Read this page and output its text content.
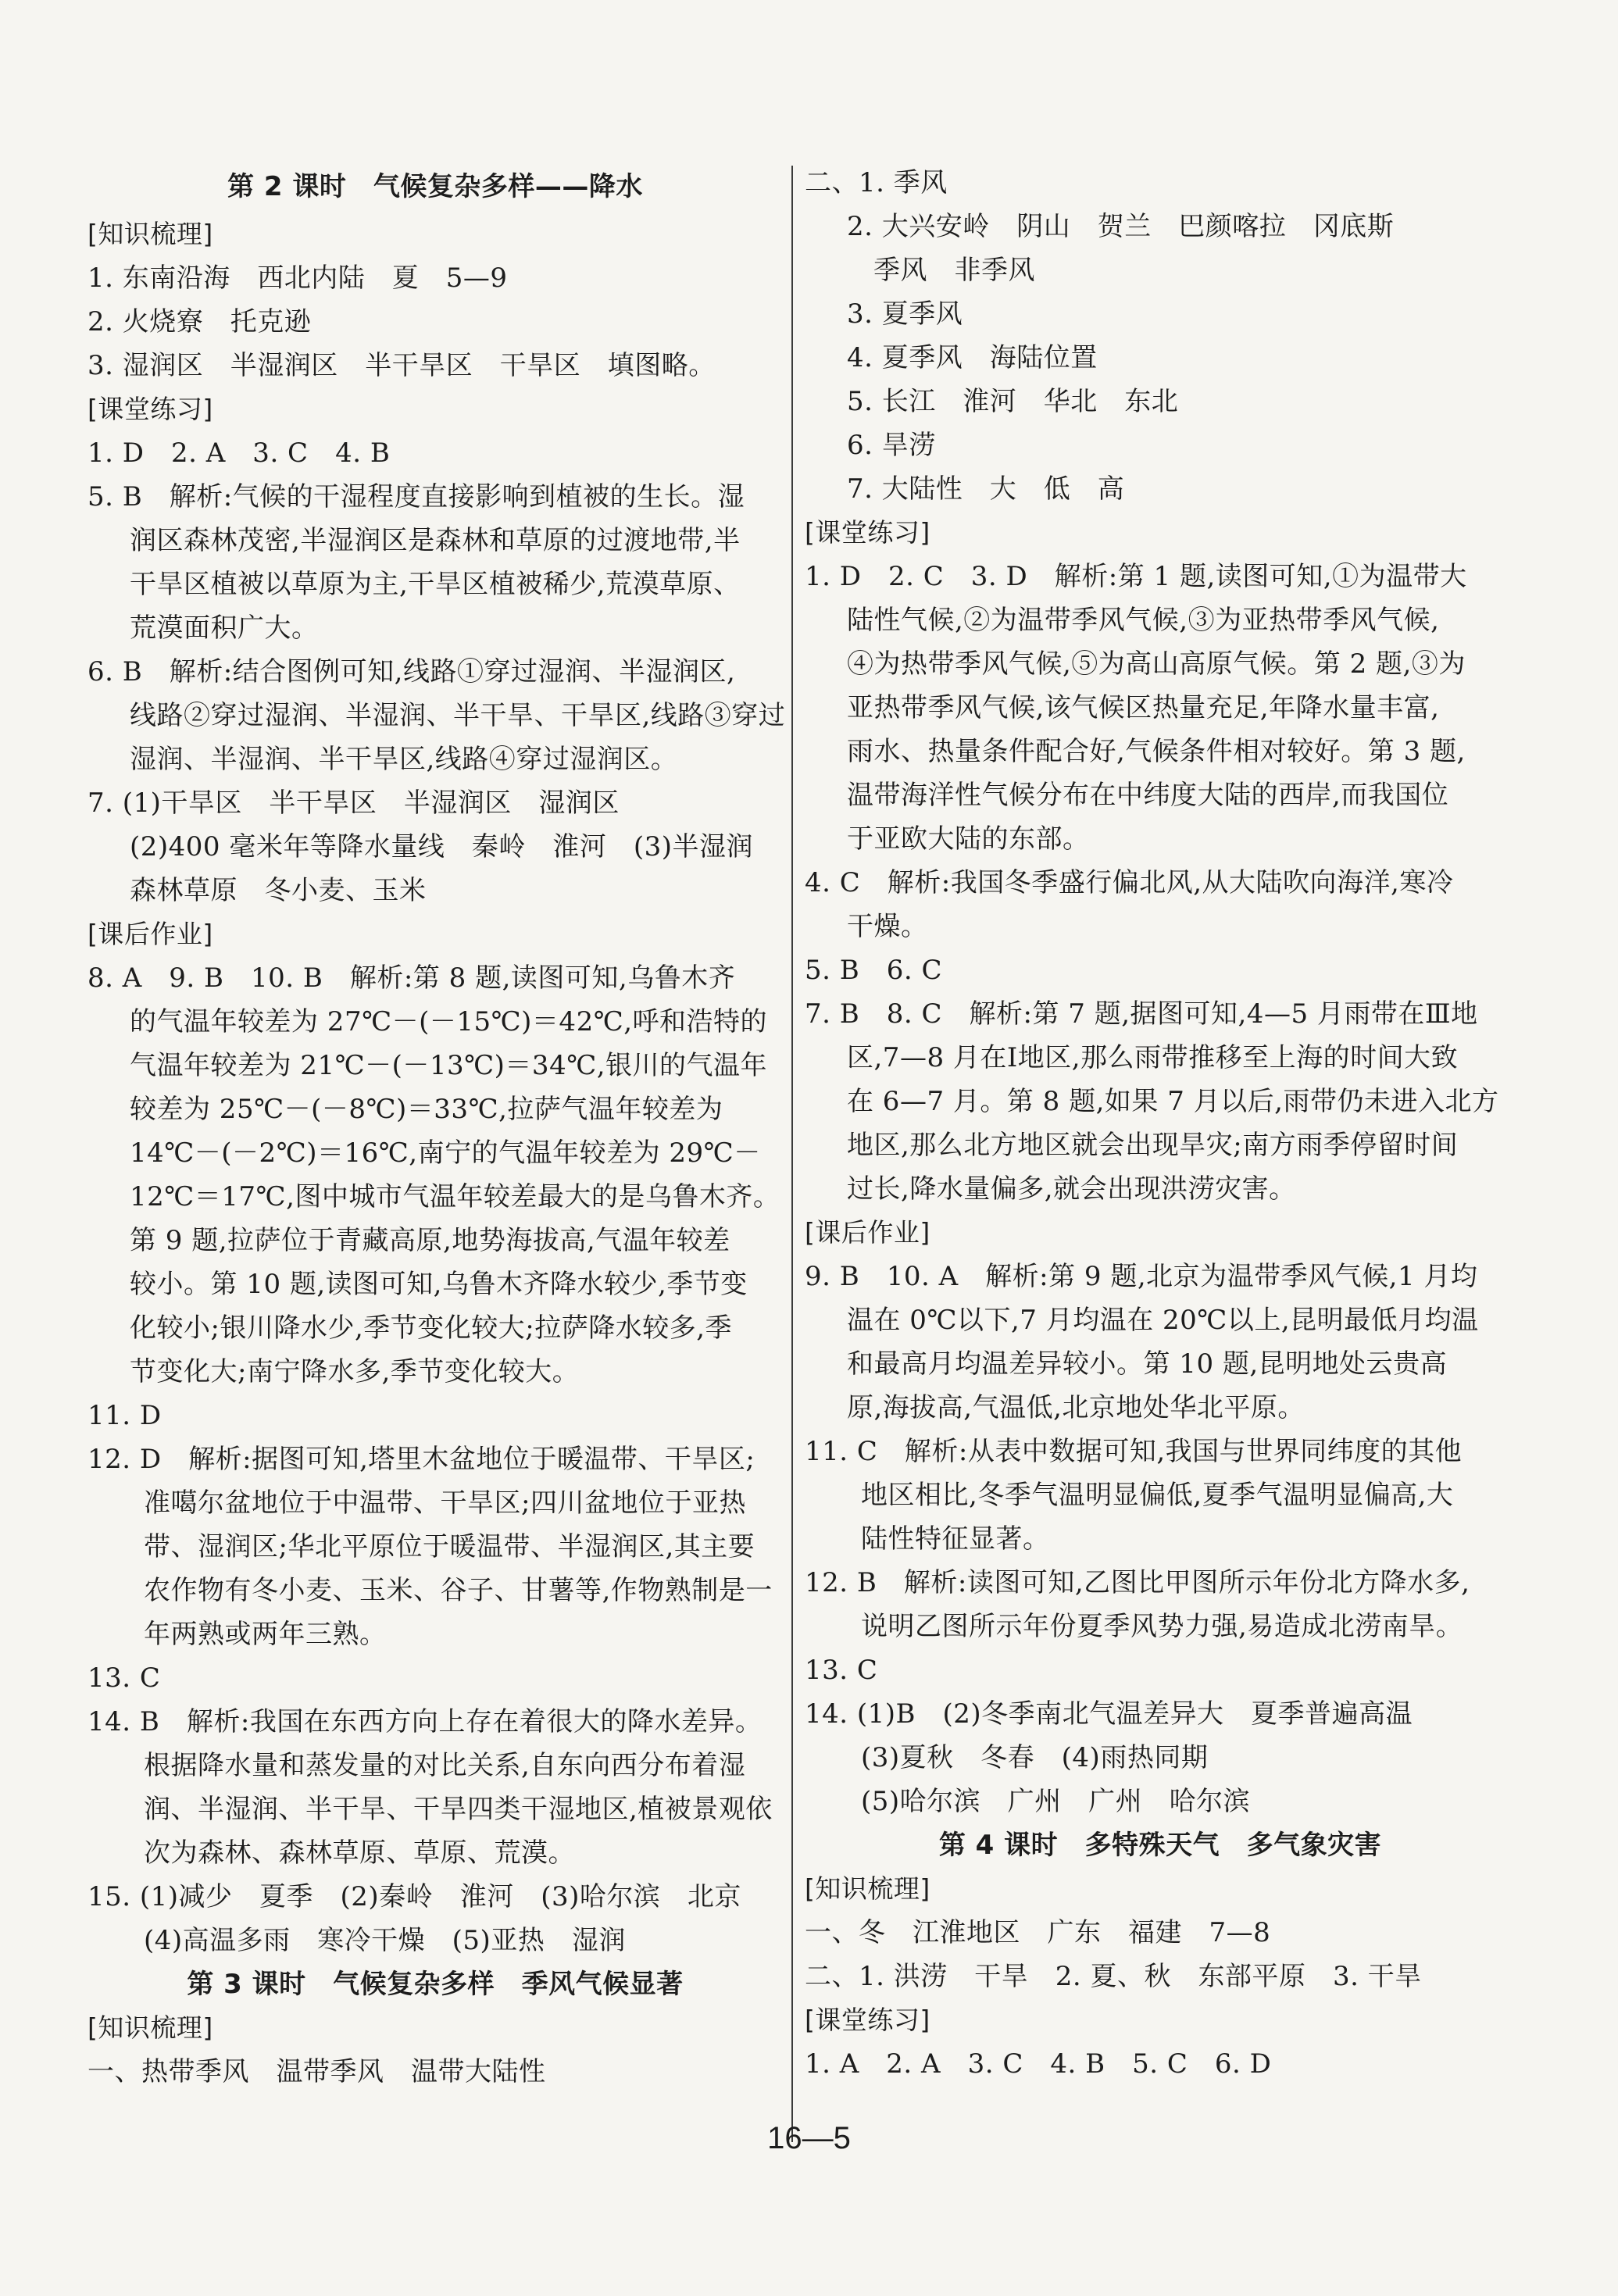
第 2 课时　气候复杂多样——降水
[知识梳理]
1. 东南沿海　西北内陆　夏　5—9
2. 火烧寮　托克逊
3. 湿润区　半湿润区　半干旱区　干旱区　填图略。
[课堂练习]
1. D　2. A　3. C　4. B
5. B　解析:气候的干湿程度直接影响到植被的生长。湿
润区森林茂密,半湿润区是森林和草原的过渡地带,半
干旱区植被以草原为主,干旱区植被稀少,荒漠草原、
荒漠面积广大。
6. B　解析:结合图例可知,线路①穿过湿润、半湿润区,
线路②穿过湿润、半湿润、半干旱、干旱区,线路③穿过
湿润、半湿润、半干旱区,线路④穿过湿润区。
7. (1)干旱区　半干旱区　半湿润区　湿润区
(2)400 毫米年等降水量线　秦岭　淮河　(3)半湿润
森林草原　冬小麦、玉米
[课后作业]
8. A　9. B　10. B　解析:第 8 题,读图可知,乌鲁木齐
的气温年较差为 27℃－(－15℃)＝42℃,呼和浩特的
气温年较差为 21℃－(－13℃)＝34℃,银川的气温年
较差为 25℃－(－8℃)＝33℃,拉萨气温年较差为
14℃－(－2℃)＝16℃,南宁的气温年较差为 29℃－
12℃＝17℃,图中城市气温年较差最大的是乌鲁木齐。
第 9 题,拉萨位于青藏高原,地势海拔高,气温年较差
较小。第 10 题,读图可知,乌鲁木齐降水较少,季节变
化较小;银川降水少,季节变化较大;拉萨降水较多,季
节变化大;南宁降水多,季节变化较大。
11. D
12. D　解析:据图可知,塔里木盆地位于暖温带、干旱区;
准噶尔盆地位于中温带、干旱区;四川盆地位于亚热
带、湿润区;华北平原位于暖温带、半湿润区,其主要
农作物有冬小麦、玉米、谷子、甘薯等,作物熟制是一
年两熟或两年三熟。
13. C
14. B　解析:我国在东西方向上存在着很大的降水差异。
根据降水量和蒸发量的对比关系,自东向西分布着湿
润、半湿润、半干旱、干旱四类干湿地区,植被景观依
次为森林、森林草原、草原、荒漠。
15. (1)减少　夏季　(2)秦岭　淮河　(3)哈尔滨　北京
(4)高温多雨　寒冷干燥　(5)亚热　湿润
第 3 课时　气候复杂多样　季风气候显著
[知识梳理]
一、热带季风　温带季风　温带大陆性
二、1. 季风
2. 大兴安岭　阴山　贺兰　巴颜喀拉　冈底斯
季风　非季风
3. 夏季风
4. 夏季风　海陆位置
5. 长江　淮河　华北　东北
6. 旱涝
7. 大陆性　大　低　高
[课堂练习]
1. D　2. C　3. D　解析:第 1 题,读图可知,①为温带大
陆性气候,②为温带季风气候,③为亚热带季风气候,
④为热带季风气候,⑤为高山高原气候。第 2 题,③为
亚热带季风气候,该气候区热量充足,年降水量丰富,
雨水、热量条件配合好,气候条件相对较好。第 3 题,
温带海洋性气候分布在中纬度大陆的西岸,而我国位
于亚欧大陆的东部。
4. C　解析:我国冬季盛行偏北风,从大陆吹向海洋,寒冷
干燥。
5. B　6. C
7. B　8. C　解析:第 7 题,据图可知,4—5 月雨带在Ⅲ地
区,7—8 月在Ⅰ地区,那么雨带推移至上海的时间大致
在 6—7 月。第 8 题,如果 7 月以后,雨带仍未进入北方
地区,那么北方地区就会出现旱灾;南方雨季停留时间
过长,降水量偏多,就会出现洪涝灾害。
[课后作业]
9. B　10. A　解析:第 9 题,北京为温带季风气候,1 月均
温在 0℃以下,7 月均温在 20℃以上,昆明最低月均温
和最高月均温差异较小。第 10 题,昆明地处云贵高
原,海拔高,气温低,北京地处华北平原。
11. C　解析:从表中数据可知,我国与世界同纬度的其他
地区相比,冬季气温明显偏低,夏季气温明显偏高,大
陆性特征显著。
12. B　解析:读图可知,乙图比甲图所示年份北方降水多,
说明乙图所示年份夏季风势力强,易造成北涝南旱。
13. C
14. (1)B　(2)冬季南北气温差异大　夏季普遍高温
(3)夏秋　冬春　(4)雨热同期
(5)哈尔滨　广州　广州　哈尔滨
第 4 课时　多特殊天气　多气象灾害
[知识梳理]
一、冬　江淮地区　广东　福建　7—8
二、1. 洪涝　干旱　2. 夏、秋　东部平原　3. 干旱
[课堂练习]
1. A　2. A　3. C　4. B　5. C　6. D
16—5
